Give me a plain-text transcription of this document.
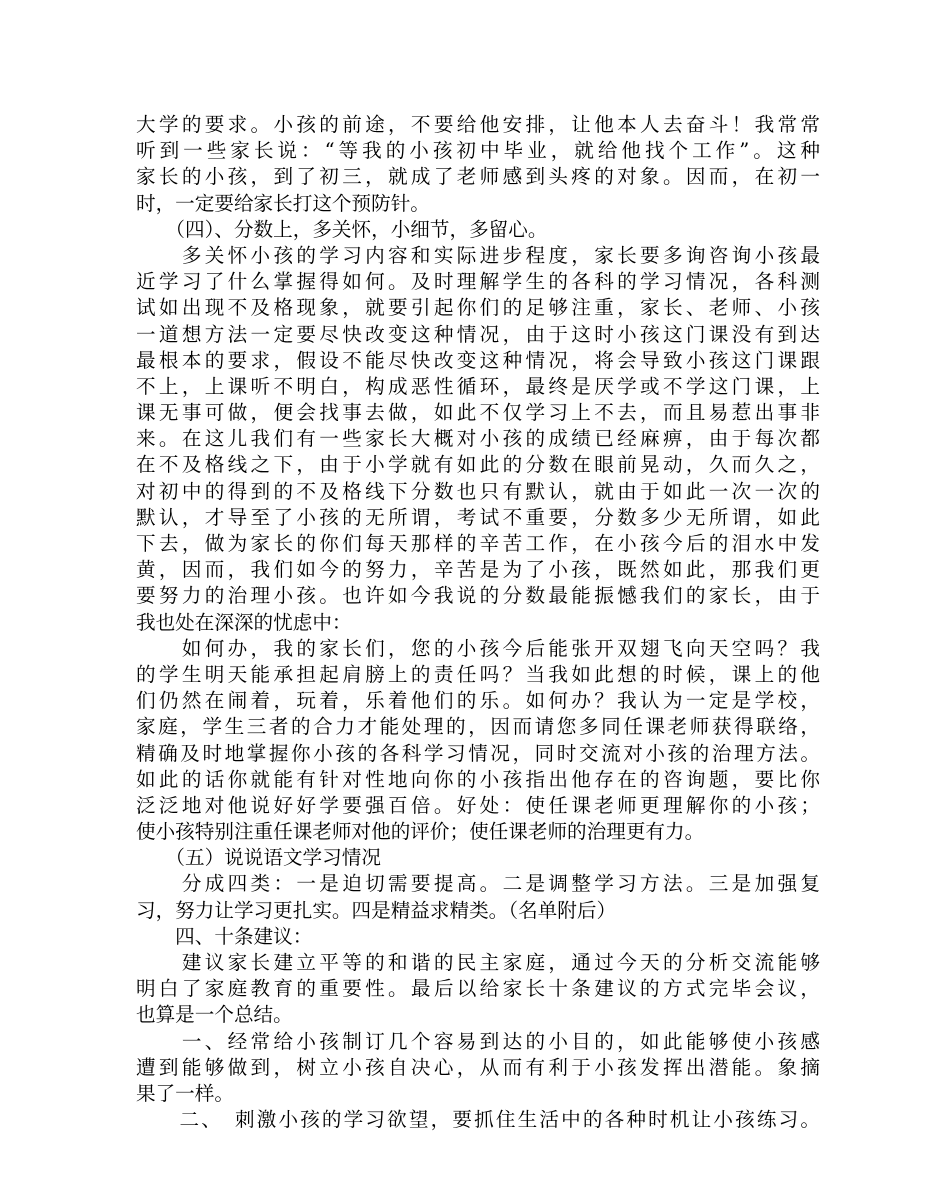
大学的要求。小孩的前途，不要给他安排，让他本人去奋斗！我常常
听到一些家长说：“等我的小孩初中毕业，就给他找个工作”。这种
家长的小孩，到了初三，就成了老师感到头疼的对象。因而，在初一
时，一定要给家长打这个预防针。
　　（四）、分数上，多关怀，小细节，多留心。
　　多关怀小孩的学习内容和实际进步程度，家长要多询咨询小孩最
近学习了什么掌握得如何。及时理解学生的各科的学习情况，各科测
试如出现不及格现象，就要引起你们的足够注重，家长、老师、小孩
一道想方法一定要尽快改变这种情况，由于这时小孩这门课没有到达
最根本的要求，假设不能尽快改变这种情况，将会导致小孩这门课跟
不上，上课听不明白，构成恶性循环，最终是厌学或不学这门课，上
课无事可做，便会找事去做，如此不仅学习上不去，而且易惹出事非
来。在这儿我们有一些家长大概对小孩的成绩已经麻痹，由于每次都
在不及格线之下，由于小学就有如此的分数在眼前晃动，久而久之，
对初中的得到的不及格线下分数也只有默认，就由于如此一次一次的
默认，才导至了小孩的无所谓，考试不重要，分数多少无所谓，如此
下去，做为家长的你们每天那样的辛苦工作，在小孩今后的泪水中发
黄，因而，我们如今的努力，辛苦是为了小孩，既然如此，那我们更
要努力的治理小孩。也许如今我说的分数最能振憾我们的家长，由于
我也处在深深的忧虑中：
　　如何办，我的家长们，您的小孩今后能张开双翅飞向天空吗？我
的学生明天能承担起肩膀上的责任吗？当我如此想的时候，课上的他
们仍然在闹着，玩着，乐着他们的乐。如何办？我认为一定是学校，
家庭，学生三者的合力才能处理的，因而请您多同任课老师获得联络，
精确及时地掌握你小孩的各科学习情况，同时交流对小孩的治理方法。
如此的话你就能有针对性地向你的小孩指出他存在的咨询题，要比你
泛泛地对他说好好学要强百倍。好处：使任课老师更理解你的小孩；
使小孩特别注重任课老师对他的评价；使任课老师的治理更有力。
　　（五）说说语文学习情况
　　分成四类：一是迫切需要提高。二是调整学习方法。三是加强复
习，努力让学习更扎实。四是精益求精类。（名单附后）
　　四、十条建议：
　　建议家长建立平等的和谐的民主家庭，通过今天的分析交流能够
明白了家庭教育的重要性。最后以给家长十条建议的方式完毕会议，
也算是一个总结。
　　一、经常给小孩制订几个容易到达的小目的，如此能够使小孩感
遭到能够做到，树立小孩自决心，从而有利于小孩发挥出潜能。象摘
果了一样。
　　二、　刺激小孩的学习欲望，要抓住生活中的各种时机让小孩练习。
